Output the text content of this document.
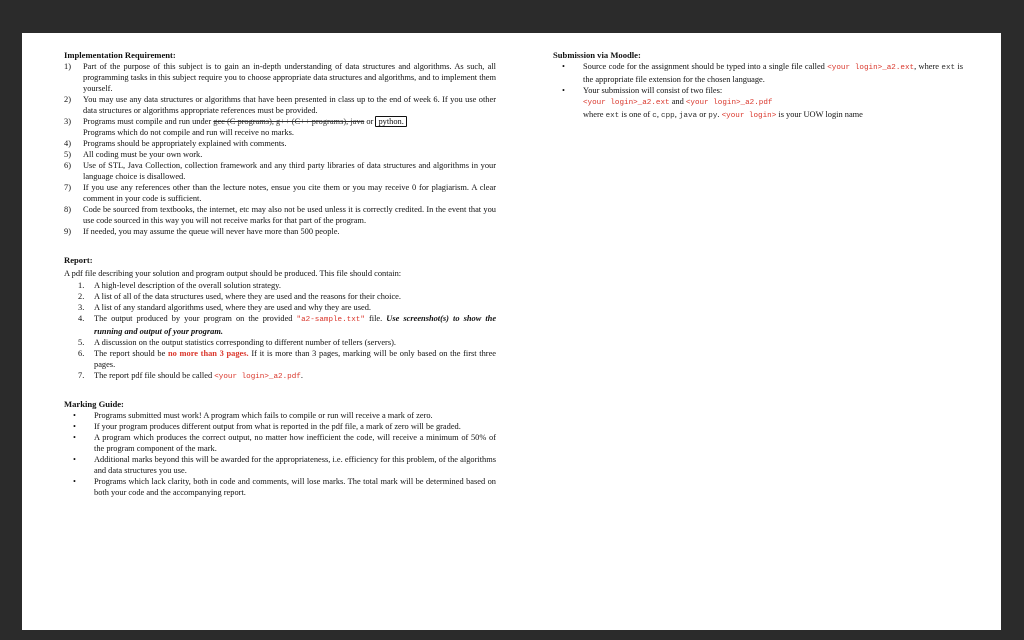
Implementation Requirement:
1) Part of the purpose of this subject is to gain an in-depth understanding of data structures and algorithms. As such, all programming tasks in this subject require you to choose appropriate data structures and algorithms, and to implement them yourself.
2) You may use any data structures or algorithms that have been presented in class up to the end of week 6. If you use other data structures or algorithms appropriate references must be provided.
3) Programs must compile and run under gcc (C programs), g++ (C++ programs), java or python.
Programs which do not compile and run will receive no marks.
4) Programs should be appropriately explained with comments.
5) All coding must be your own work.
6) Use of STL, Java Collection, collection framework and any third party libraries of data structures and algorithms in your language choice is disallowed.
7) If you use any references other than the lecture notes, ensue you cite them or you may receive 0 for plagiarism. A clear comment in your code is sufficient.
8) Code be sourced from textbooks, the internet, etc may also not be used unless it is correctly credited. In the event that you use code sourced in this way you will not receive marks for that part of the program.
9) If needed, you may assume the queue will never have more than 500 people.
Report:
A pdf file describing your solution and program output should be produced. This file should contain:
1. A high-level description of the overall solution strategy.
2. A list of all of the data structures used, where they are used and the reasons for their choice.
3. A list of any standard algorithms used, where they are used and why they are used.
4. The output produced by your program on the provided "a2-sample.txt" file. Use screenshot(s) to show the running and output of your program.
5. A discussion on the output statistics corresponding to different number of tellers (servers).
6. The report should be no more than 3 pages. If it is more than 3 pages, marking will be only based on the first three pages.
7. The report pdf file should be called <your login>_a2.pdf.
Marking Guide:
• Programs submitted must work! A program which fails to compile or run will receive a mark of zero.
• If your program produces different output from what is reported in the pdf file, a mark of zero will be graded.
• A program which produces the correct output, no matter how inefficient the code, will receive a minimum of 50% of the program component of the mark.
• Additional marks beyond this will be awarded for the appropriateness, i.e. efficiency for this problem, of the algorithms and data structures you use.
• Programs which lack clarity, both in code and comments, will lose marks. The total mark will be determined based on both your code and the accompanying report.
Submission via Moodle:
• Source code for the assignment should be typed into a single file called <your login>_a2.ext, where ext is the appropriate file extension for the chosen language.
• Your submission will consist of two files:
<your login>_a2.ext and <your login>_a2.pdf
where ext is one of c, cpp, java or py. <your login> is your UOW login name
